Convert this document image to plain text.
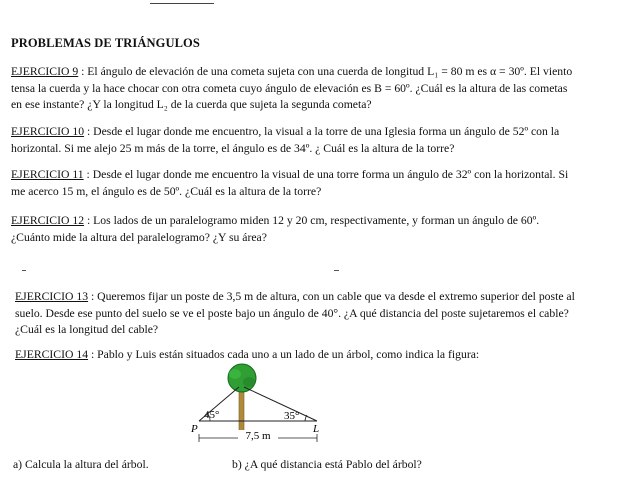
PROBLEMAS DE TRIÁNGULOS
EJERCICIO 9 : El ángulo de elevación de una cometa sujeta con una cuerda de longitud L₁ = 80 m es α = 30º. El viento
tensa la cuerda y la hace chocar con otra cometa cuyo ángulo de elevación es B = 60º. ¿Cuál es la altura de las cometas
en ese instante? ¿Y la longitud L₂ de la cuerda que sujeta la segunda cometa?
EJERCICIO 10 : Desde el lugar donde me encuentro, la visual a la torre de una Iglesia forma un ángulo de 52º con la
horizontal. Si me alejo 25 m más de la torre, el ángulo es de 34º. ¿ Cuál es la altura de la torre?
EJERCICIO 11 : Desde el lugar donde me encuentro la visual de una torre forma un ángulo de 32º con la horizontal. Si
me acerco 15 m, el ángulo es de 50º. ¿Cuál es la altura de la torre?
EJERCICIO 12 : Los lados de un paralelogramo miden 12 y 20 cm, respectivamente, y forman un ángulo de 60º.
¿Cuánto mide la altura del paralelogramo? ¿Y su área?
EJERCICIO 13 : Queremos fijar un poste de 3,5 m de altura, con un cable que va desde el extremo superior del poste al
suelo. Desde ese punto del suelo se ve el poste bajo un ángulo de 40°. ¿A qué distancia del poste sujetaremos el cable?
¿Cuál es la longitud del cable?
EJERCICIO 14 : Pablo y Luis están situados cada uno a un lado de un árbol, como indica la figura:
45°	35°
P	L
7,5 m
a) Calcula la altura del árbol.	b) ¿A qué distancia está Pablo del árbol?
